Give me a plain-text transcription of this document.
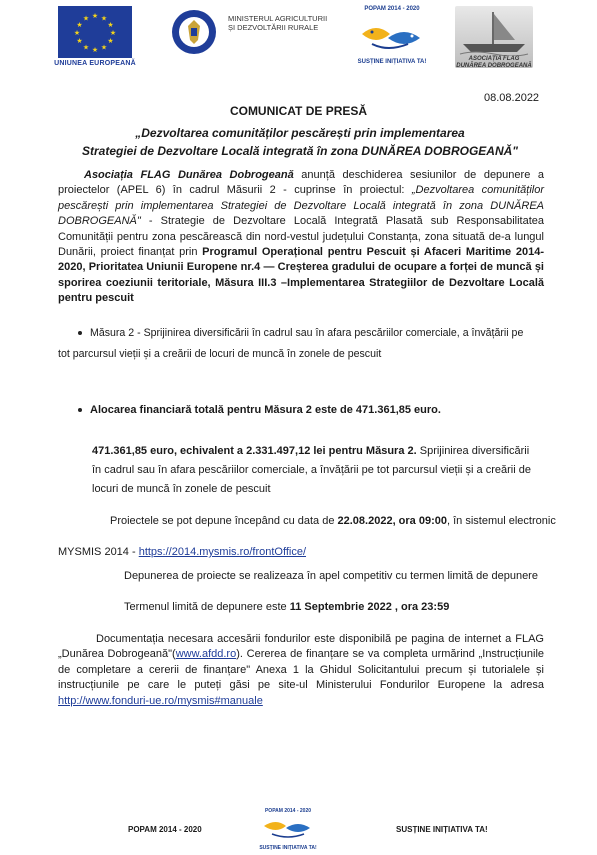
★ ★
★
★
★
★
★
★
★
★
★
★
UNIUNEA EUROPEANĂ
MINISTERUL AGRICULTURII
ȘI DEZVOLTĂRII RURALE
POPAM 2014 - 2020
SUSȚINE INIȚIATIVA TA!	ASOCIAȚIA FLAG
DUNĂREA DOBROGEANĂ
08.08.2022
COMUNICAT DE PRESĂ
„Dezvoltarea comunităților pescărești prin implementarea
Strategiei de Dezvoltare Locală integrată în zona DUNĂREA DOBROGEANĂ"
Asociația FLAG Dunărea Dobrogeană anunță deschiderea sesiunilor de depunere a proiectelor (APEL 6) în cadrul Măsurii 2 - cuprinse în proiectul: „Dezvoltarea comunităților pescărești prin implementarea Strategiei de Dezvoltare Locală integrată în zona DUNĂREA DOBROGEANĂ" - Strategie de Dezvoltare Locală Integrată Plasată sub Responsabilitatea Comunității pentru zona pescărească din nord-vestul județului Constanța, zona situată de-a lungul Dunării, proiect finanțat prin Programul Operațional pentru Pescuit și Afaceri Maritime 2014-2020, Prioritatea Uniunii Europene nr.4 — Creșterea gradului de ocupare a forței de muncă și sporirea coeziunii teritoriale, Măsura III.3 –Implementarea Strategiilor de Dezvoltare Locală pentru pescuit
Măsura 2 - Sprijinirea diversificării în cadrul sau în afara pescăriilor comerciale, a învățării pe
tot parcursul vieții și a creării de locuri de muncă în zonele de pescuit
Alocarea financiară totală pentru Măsura 2 este de 471.361,85 euro.
471.361,85 euro, echivalent a 2.331.497,12 lei pentru Măsura 2. Sprijinirea diversificării în cadrul sau în afara pescăriilor comerciale, a învățării pe tot parcursul vieții și a creării de locuri de muncă în zonele de pescuit
Proiectele se pot depune începând cu data de 22.08.2022, ora 09:00, în sistemul electronic
MYSMIS 2014 - https://2014.mysmis.ro/frontOffice/
Depunerea de proiecte se realizeaza în apel competitiv cu termen limită de depunere
Termenul limită de depunere este 11 Septembrie 2022 , ora 23:59
Documentația necesara accesării fondurilor este disponibilă pe pagina de internet a FLAG „Dunărea Dobrogeană"(www.afdd.ro). Cererea de finanțare se va completa urmărind „Instrucțiunile de completare a cererii de finanțare" Anexa 1 la Ghidul Solicitantului precum și tutorialele și instrucțiunile pe care le puteți găsi pe site-ul Ministerului Fondurilor Europene la adresa http://www.fonduri-ue.ro/mysmis#manuale
POPAM 2014 - 2020
POPAM 2014 - 2020
SUSȚINE INIȚIATIVA TA!
SUSȚINE INIȚIATIVA TA!
